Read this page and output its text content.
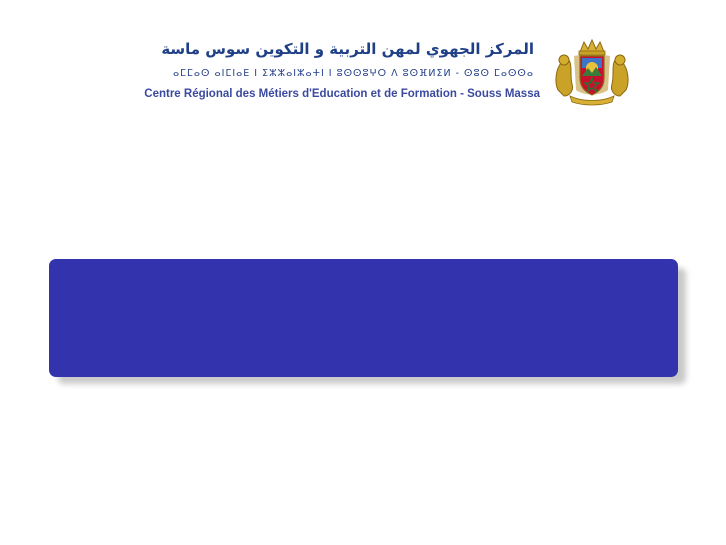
المركز الجهوي لمهن التربية و التكوين سوس ماسة
ⴰⵎⵎⴰⵙ ⴰⵏⵎⵏⴰⴹ ⵏ ⵉⵣⵣⴰⵏⵣⴰⵜⵏ ⵏ ⵓⵙⵙⵓⵖⵔ ⴷ ⵓⵙⴼⵍⵉⵍ - ⵙⵓⵙ ⵎⴰⵙⵙⴰ
Centre Régional des Métiers d'Education et de Formation - Souss Massa
